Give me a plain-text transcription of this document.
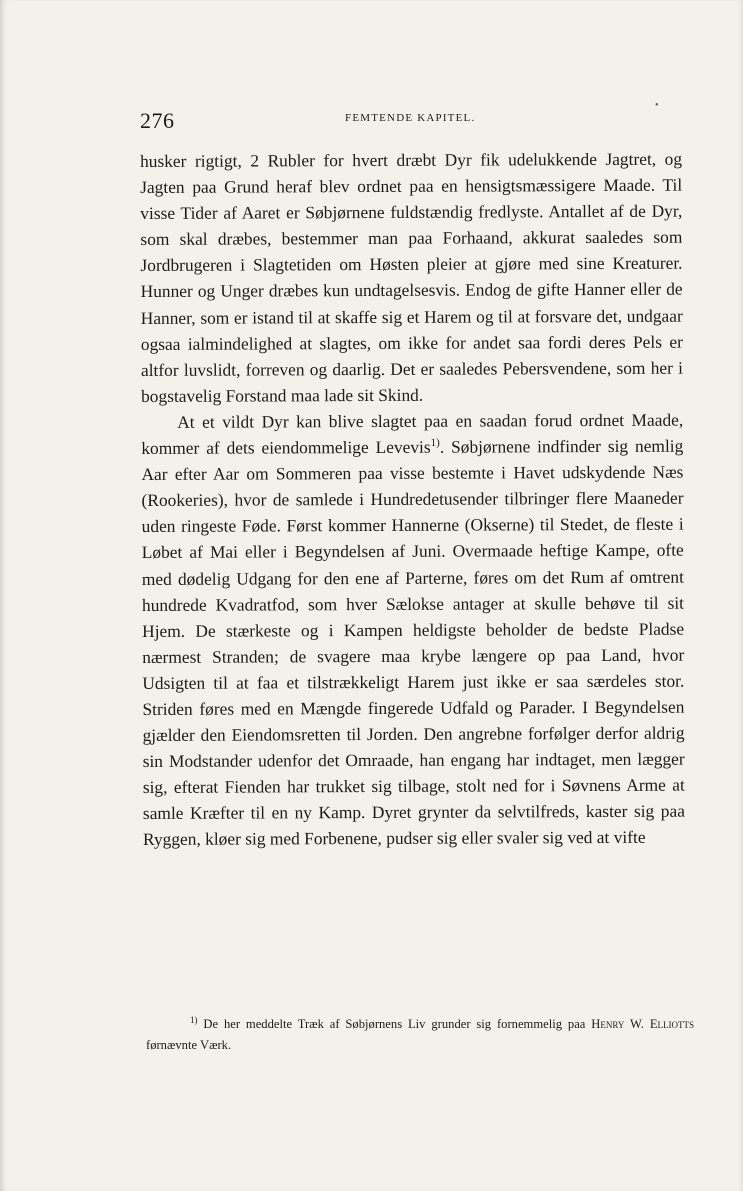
276	FEMTENDE KAPITEL.
•

husker rigtigt, 2 Rubler for hvert dræbt Dyr fik udelukkende Jagtret, og Jagten paa Grund heraf blev ordnet paa en hensigtsmæssigere Maade. Til visse Tider af Aaret er Søbjørnene fuldstændig fredlyste. Antallet af de Dyr, som skal dræbes, bestemmer man paa Forhaand, akkurat saaledes som Jordbrugeren i Slagtetiden om Høsten pleier at gjøre med sine Kreaturer. Hunner og Unger dræbes kun undtagelsesvis. Endog de gifte Hanner eller de Hanner, som er istand til at skaffe sig et Harem og til at forsvare det, undgaar ogsaa ialmindelighed at slagtes, om ikke for andet saa fordi deres Pels er altfor luvslidt, forreven og daarlig. Det er saaledes Pebersvendene, som her i bogstavelig Forstand maa lade sit Skind.

At et vildt Dyr kan blive slagtet paa en saadan forud ordnet Maade, kommer af dets eiendommelige Levevis$^{1)}$. Søbjørnene indfinder sig nemlig Aar efter Aar om Sommeren paa visse bestemte i Havet udskydende Næs (Rookeries), hvor de samlede i Hundredetusender tilbringer flere Maaneder uden ringeste Føde. Først kommer Hannerne (Okserne) til Stedet, de fleste i Løbet af Mai eller i Begyndelsen af Juni. Overmaade heftige Kampe, ofte med dødelig Udgang for den ene af Parterne, føres om det Rum af omtrent hundrede Kvadratfod, som hver Sælokse antager at skulle behøve til sit Hjem. De stærkeste og i Kampen heldigste beholder de bedste Pladse nærmest Stranden; de svagere maa krybe længere op paa Land, hvor Udsigten til at faa et tilstrækkeligt Harem just ikke er saa særdeles stor. Striden føres med en Mængde fingerede Udfald og Parader. I Begyndelsen gjælder den Eiendomsretten til Jorden. Den angrebne forfølger derfor aldrig sin Modstander udenfor det Omraade, han engang har indtaget, men lægger sig, efterat Fienden har trukket sig tilbage, stolt ned for i Søvnens Arme at samle Kræfter til en ny Kamp. Dyret grynter da selvtilfreds, kaster sig paa Ryggen, kløer sig med Forbenene, pudser sig eller svaler sig ved at vifte

$^{1)}$ De her meddelte Træk af Søbjørnens Liv grunder sig fornemmelig paa Henry W. Elliotts førnævnte Værk.
